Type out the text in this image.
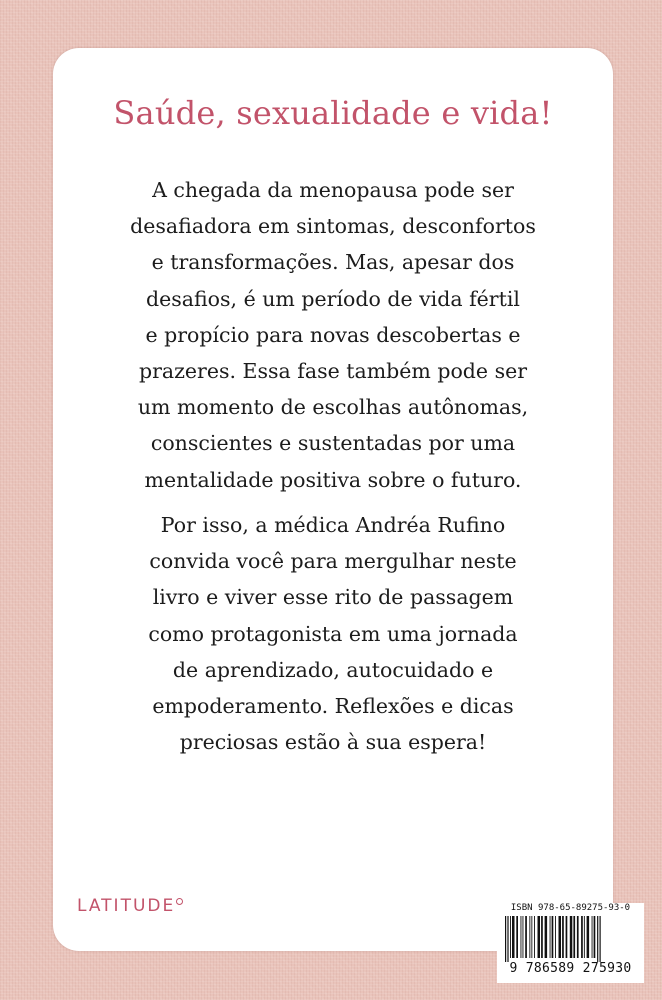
Saúde, sexualidade e vida!
A chegada da menopausa pode ser
desafiadora em sintomas, desconfortos
e transformações. Mas, apesar dos
desafios, é um período de vida fértil
e propício para novas descobertas e
prazeres. Essa fase também pode ser
um momento de escolhas autônomas,
conscientes e sustentadas por uma
mentalidade positiva sobre o futuro.
Por isso, a médica Andréa Rufino
convida você para mergulhar neste
livro e viver esse rito de passagem
como protagonista em uma jornada
de aprendizado, autocuidado e
empoderamento. Reflexões e dicas
preciosas estão à sua espera!
LATITUDE	ISBN 978-65-89275-93-0
9 786589 275930
